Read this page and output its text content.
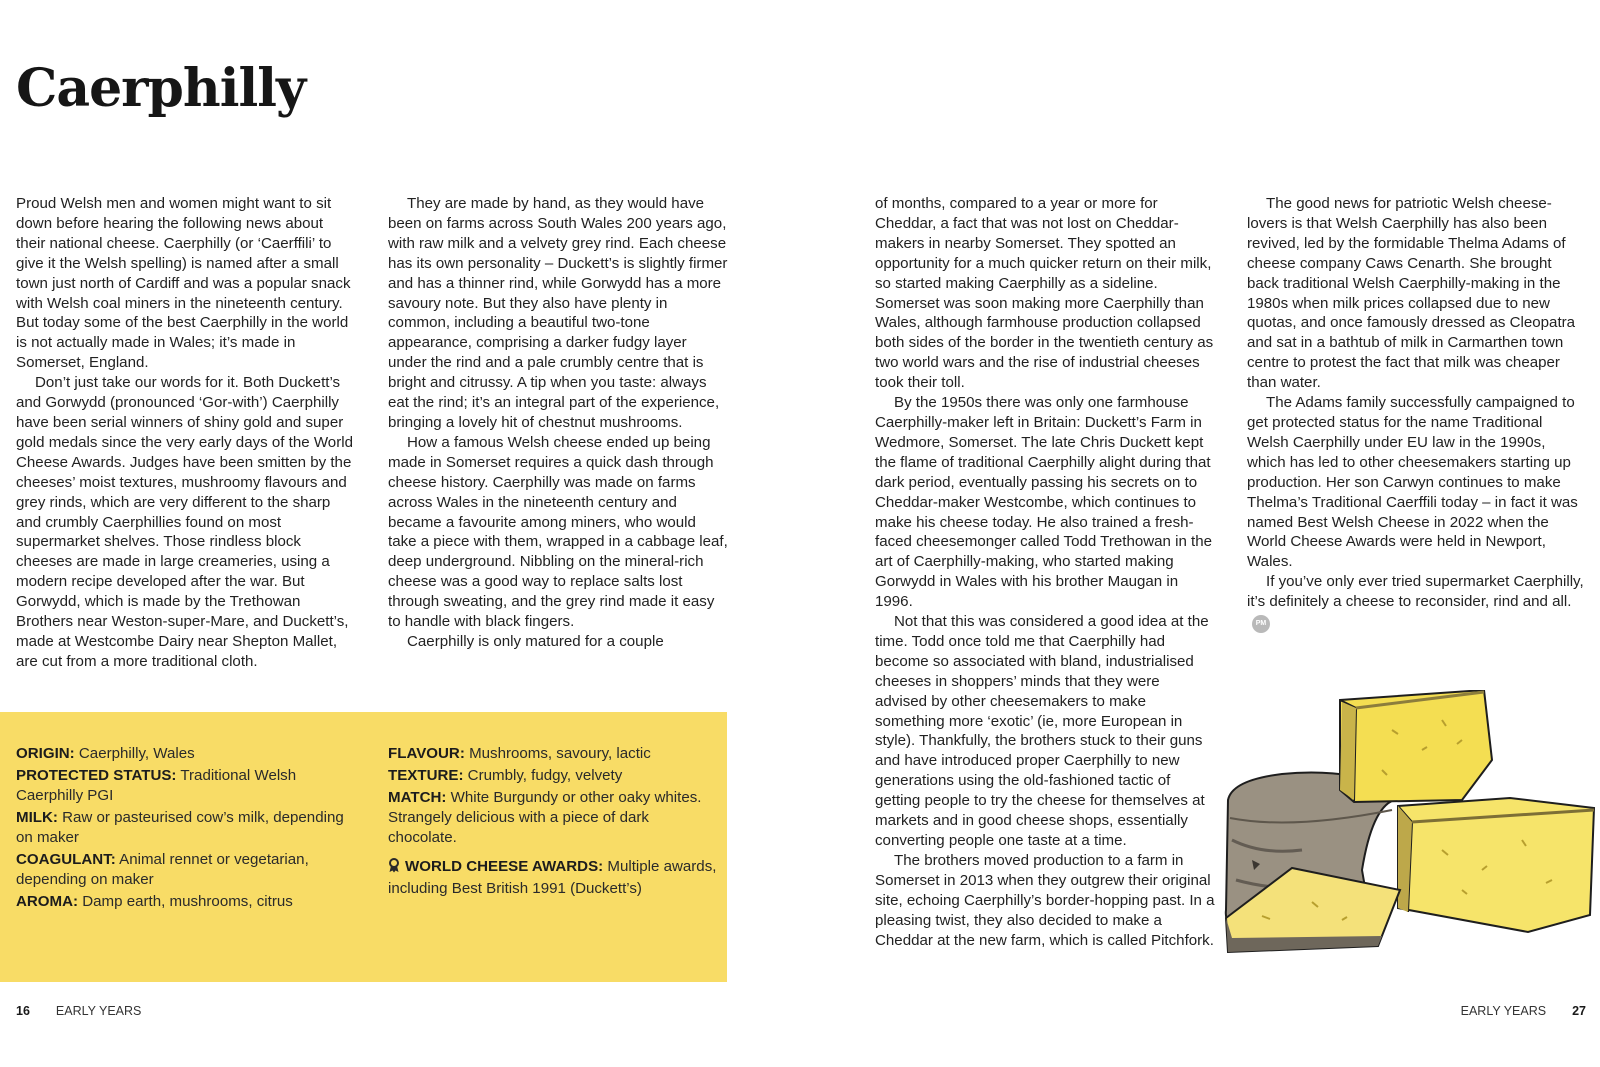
Caerphilly

Proud Welsh men and women might want to sit down before hearing the following news about their national cheese. Caerphilly (or ‘Caerffili’ to give it the Welsh spelling) is named after a small town just north of Cardiff and was a popular snack with Welsh coal miners in the nineteenth century. But today some of the best Caerphilly in the world is not actually made in Wales; it’s made in Somerset, England.

Don’t just take our words for it. Both Duckett’s and Gorwydd (pronounced ‘Gor-with’) Caerphilly have been serial winners of shiny gold and super gold medals since the very early days of the World Cheese Awards. Judges have been smitten by the cheeses’ moist textures, mushroomy flavours and grey rinds, which are very different to the sharp and crumbly Caerphillies found on most supermarket shelves. Those rindless block cheeses are made in large creameries, using a modern recipe developed after the war. But Gorwydd, which is made by the Trethowan Brothers near Weston-super-Mare, and Duckett’s, made at Westcombe Dairy near Shepton Mallet, are cut from a more traditional cloth.

They are made by hand, as they would have been on farms across South Wales 200 years ago, with raw milk and a velvety grey rind. Each cheese has its own personality – Duckett’s is slightly firmer and has a thinner rind, while Gorwydd has a more savoury note. But they also have plenty in common, including a beautiful two-tone appearance, comprising a darker fudgy layer under the rind and a pale crumbly centre that is bright and citrussy. A tip when you taste: always eat the rind; it’s an integral part of the experience, bringing a lovely hit of chestnut mushrooms.

How a famous Welsh cheese ended up being made in Somerset requires a quick dash through cheese history. Caerphilly was made on farms across Wales in the nineteenth century and became a favourite among miners, who would take a piece with them, wrapped in a cabbage leaf, deep underground. Nibbling on the mineral-rich cheese was a good way to replace salts lost through sweating, and the grey rind made it easy to handle with black fingers.

Caerphilly is only matured for a couple

of months, compared to a year or more for Cheddar, a fact that was not lost on Cheddar-makers in nearby Somerset. They spotted an opportunity for a much quicker return on their milk, so started making Caerphilly as a sideline. Somerset was soon making more Caerphilly than Wales, although farmhouse production collapsed both sides of the border in the twentieth century as two world wars and the rise of industrial cheeses took their toll.

By the 1950s there was only one farmhouse Caerphilly-maker left in Britain: Duckett’s Farm in Wedmore, Somerset. The late Chris Duckett kept the flame of traditional Caerphilly alight during that dark period, eventually passing his secrets on to Cheddar-maker Westcombe, which continues to make his cheese today. He also trained a fresh-faced cheesemonger called Todd Trethowan in the art of Caerphilly-making, who started making Gorwydd in Wales with his brother Maugan in 1996.

Not that this was considered a good idea at the time. Todd once told me that Caerphilly had become so associated with bland, industrialised cheeses in shoppers’ minds that they were advised by other cheesemakers to make something more ‘exotic’ (ie, more European in style). Thankfully, the brothers stuck to their guns and have introduced proper Caerphilly to new generations using the old-fashioned tactic of getting people to try the cheese for themselves at markets and in good cheese shops, essentially converting people one taste at a time.

The brothers moved production to a farm in Somerset in 2013 when they outgrew their original site, echoing Caerphilly’s border-hopping past. In a pleasing twist, they also decided to make a Cheddar at the new farm, which is called Pitchfork.

The good news for patriotic Welsh cheese-lovers is that Welsh Caerphilly has also been revived, led by the formidable Thelma Adams of cheese company Caws Cenarth. She brought back traditional Welsh Caerphilly-making in the 1980s when milk prices collapsed due to new quotas, and once famously dressed as Cleopatra and sat in a bathtub of milk in Carmarthen town centre to protest the fact that milk was cheaper than water.

The Adams family successfully campaigned to get protected status for the name Traditional Welsh Caerphilly under EU law in the 1990s, which has led to other cheesemakers starting up production. Her son Carwyn continues to make Thelma’s Traditional Caerffili today – in fact it was named Best Welsh Cheese in 2022 when the World Cheese Awards were held in Newport, Wales.

If you’ve only ever tried supermarket Caerphilly, it’s definitely a cheese to reconsider, rind and all.PM

ORIGIN: Caerphilly, Wales

PROTECTED STATUS: Traditional Welsh Caerphilly PGI

MILK: Raw or pasteurised cow’s milk, depending on maker

COAGULANT: Animal rennet or vegetarian, depending on maker

AROMA: Damp earth, mushrooms, citrus

FLAVOUR: Mushrooms, savoury, lactic

TEXTURE: Crumbly, fudgy, velvety

MATCH: White Burgundy or other oaky whites. Strangely delicious with a piece of dark chocolate.

WORLD CHEESE AWARDS: Multiple awards, including Best British 1991 (Duckett’s)

16 EARLY YEARS	EARLY YEARS 27
